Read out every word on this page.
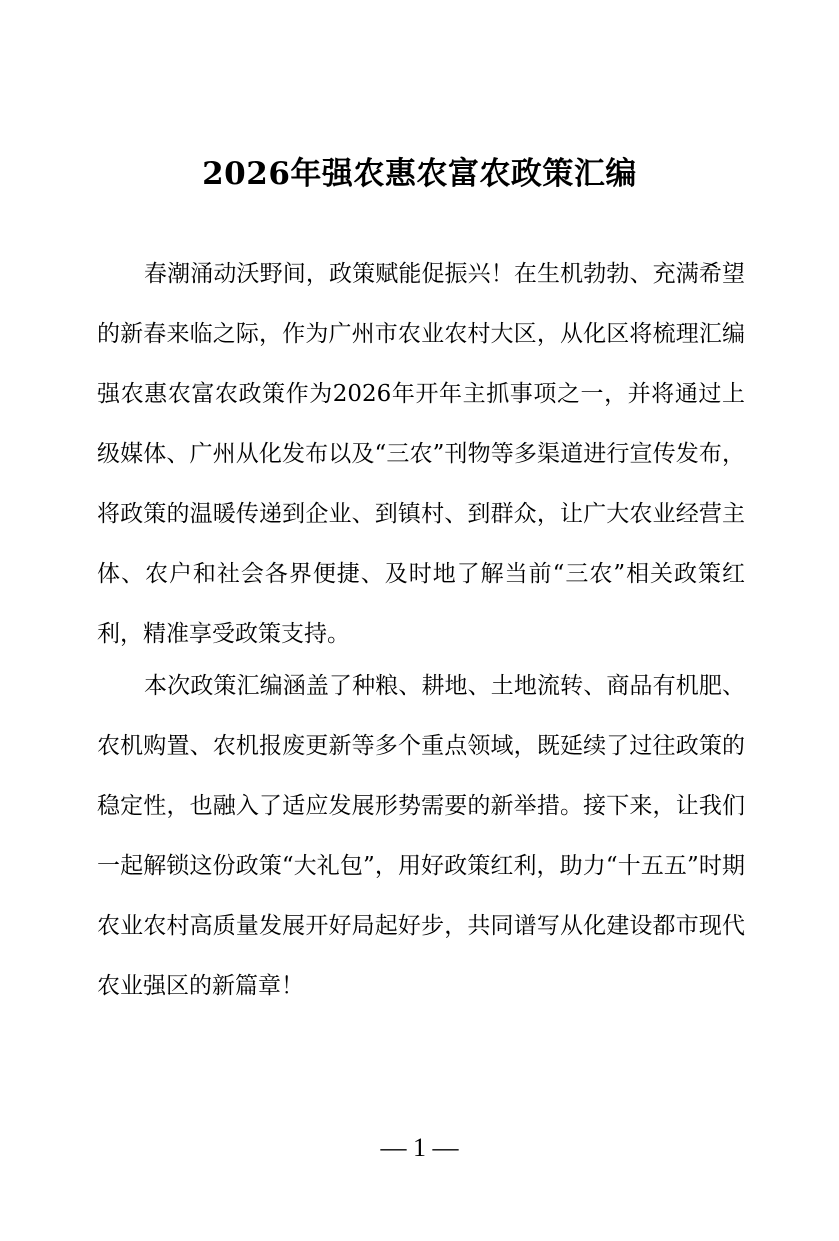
2026年强农惠农富农政策汇编

春潮涌动沃野间，政策赋能促振兴！在生机勃勃、充满希望的新春来临之际，作为广州市农业农村大区，从化区将梳理汇编强农惠农富农政策作为2026年开年主抓事项之一，并将通过上级媒体、广州从化发布以及“三农”刊物等多渠道进行宣传发布，将政策的温暖传递到企业、到镇村、到群众，让广大农业经营主体、农户和社会各界便捷、及时地了解当前“三农”相关政策红利，精准享受政策支持。

本次政策汇编涵盖了种粮、耕地、土地流转、商品有机肥、农机购置、农机报废更新等多个重点领域，既延续了过往政策的稳定性，也融入了适应发展形势需要的新举措。接下来，让我们一起解锁这份政策“大礼包”，用好政策红利，助力“十五五”时期农业农村高质量发展开好局起好步，共同谱写从化建设都市现代农业强区的新篇章！

— 1 —
